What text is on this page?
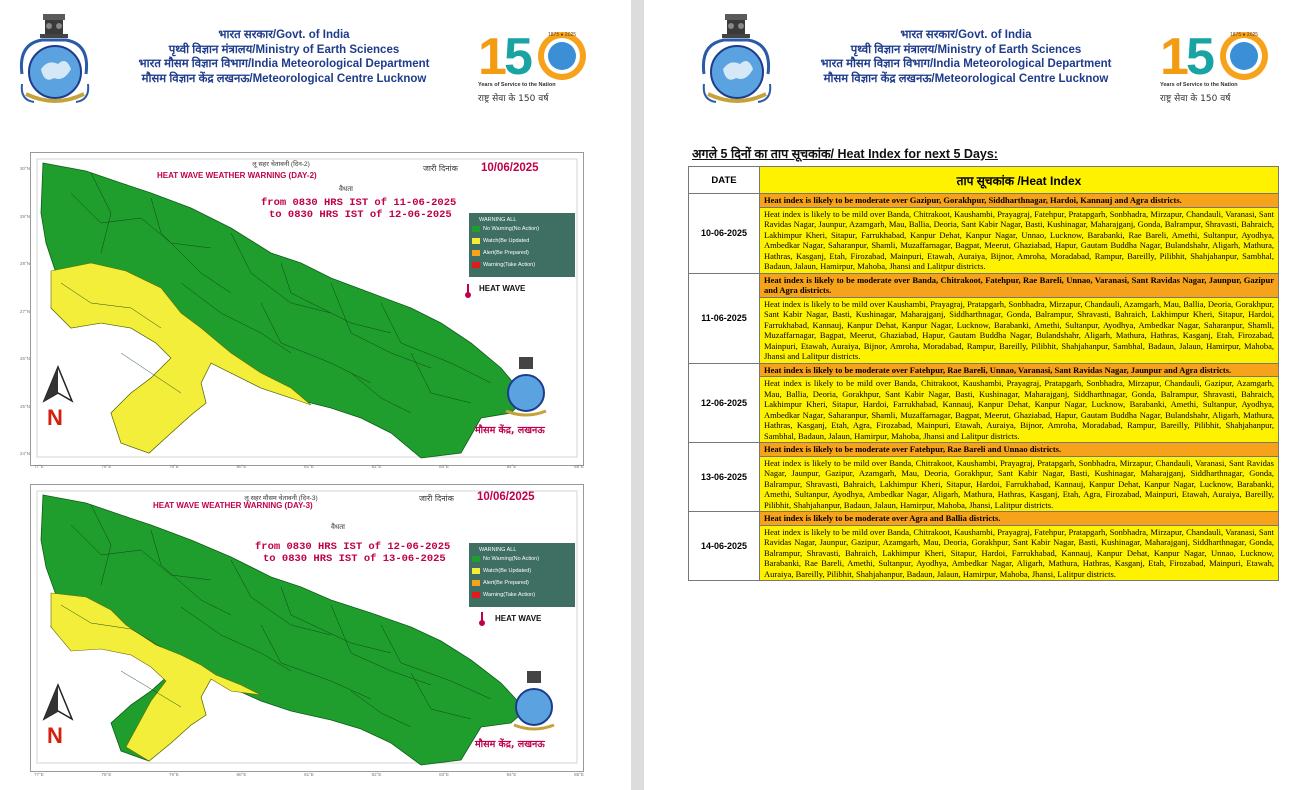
भारत सरकार/Govt. of India
पृथ्वी विज्ञान मंत्रालय/Ministry of Earth Sciences
भारत मौसम विज्ञान विभाग/India Meteorological Department
मौसम विज्ञान केंद्र लखनऊ/Meteorological Centre Lucknow 1
5	1875 ● 2025
Years of Service to the Nation
राष्ट्र सेवा के 150 वर्ष
लू सहर चेतावनी (दिन-2)
HEAT WAVE WEATHER WARNING (DAY-2)
जारी दिनांक 10/06/2025
वैधता
from 0830 HRS IST of 11-06-2025
to 0830 HRS IST of 12-06-2025	WARNING ALL
No Warning(No Action)
Watch(Be Updated
Alert(Be Prepared)
Warning(Take Action)
HEAT WAVE
N
मौसम केंद्र, लखनऊ
77°E	78°E	79°E	80°E	81°E	82°E	83°E	84°E	85°E
30°N
29°N
28°N
27°N
26°N
25°N
24°N
लू सहर मौसम चेतावनी (दिन-3)
HEAT WAVE WEATHER WARNING (DAY-3)
जारी दिनांक 10/06/2025
वैधता
from 0830 HRS IST of 12-06-2025
to 0830 HRS IST of 13-06-2025
WARNING ALL
No Warning(No Action)
Watch(Be Updated)
Alert(Be Prepared)
Warning(Take Action)
HEAT WAVE
N	मौसम केंद्र, लखनऊ
77°E	78°E	79°E	80°E	81°E	82°E	83°E	84°E	85°E
भारत सरकार/Govt. of India
पृथ्वी विज्ञान मंत्रालय/Ministry of Earth Sciences
भारत मौसम विज्ञान विभाग/India Meteorological Department
मौसम विज्ञान केंद्र लखनऊ/Meteorological Centre Lucknow 1
5	1875 ● 2025
Years of Service to the Nation
राष्ट्र सेवा के 150 वर्ष
अगले 5 दिनों का ताप सूचकांक/ Heat Index for next 5 Days:
DATE	ताप सूचकांक /Heat Index
10-06-2025	Heat index is likely to be moderate over Gazipur, Gorakhpur, Siddharthnagar, Hardoi, Kannauj and Agra districts.
	Heat index is likely to be mild over Banda, Chitrakoot, Kaushambi, Prayagraj, Fatehpur, Pratapgarh, Sonbhadra, Mirzapur, Chandauli, Varanasi, Sant Ravidas Nagar, Jaunpur, Azamgarh, Mau, Ballia, Deoria, Sant Kabir Nagar, Basti, Kushinagar, Maharajganj, Gonda, Balrampur, Shravasti, Bahraich, Lakhimpur Kheri, Sitapur, Farrukhabad, Kanpur Dehat, Kanpur Nagar, Unnao, Lucknow, Barabanki, Rae Bareli, Amethi, Sultanpur, Ayodhya, Ambedkar Nagar, Saharanpur, Shamli, Muzaffarnagar, Bagpat, Meerut, Ghaziabad, Hapur, Gautam Buddha Nagar, Bulandshahr, Aligarh, Mathura, Hathras, Kasganj, Etah, Firozabad, Mainpuri, Etawah, Auraiya, Bijnor, Amroha, Moradabad, Rampur, Bareilly, Pilibhit, Shahjahanpur, Sambhal, Badaun, Jalaun, Hamirpur, Mahoba, Jhansi and Lalitpur districts.
11-06-2025	Heat index is likely to be moderate over Banda, Chitrakoot, Fatehpur, Rae Bareli, Unnao, Varanasi, Sant Ravidas Nagar, Jaunpur, Gazipur and Agra districts.
	Heat index is likely to be mild over Kaushambi, Prayagraj, Pratapgarh, Sonbhadra, Mirzapur, Chandauli, Azamgarh, Mau, Ballia, Deoria, Gorakhpur, Sant Kabir Nagar, Basti, Kushinagar, Maharajganj, Siddharthnagar, Gonda, Balrampur, Shravasti, Bahraich, Lakhimpur Kheri, Sitapur, Hardoi, Farrukhabad, Kannauj, Kanpur Dehat, Kanpur Nagar, Lucknow, Barabanki, Amethi, Sultanpur, Ayodhya, Ambedkar Nagar, Saharanpur, Shamli, Muzaffarnagar, Bagpat, Meerut, Ghaziabad, Hapur, Gautam Buddha Nagar, Bulandshahr, Aligarh, Mathura, Hathras, Kasganj, Etah, Firozabad, Mainpuri, Etawah, Auraiya, Bijnor, Amroha, Moradabad, Rampur, Bareilly, Pilibhit, Shahjahanpur, Sambhal, Badaun, Jalaun, Hamirpur, Mahoba, Jhansi and Lalitpur districts.
12-06-2025	Heat index is likely to be moderate over Fatehpur, Rae Bareli, Unnao, Varanasi, Sant Ravidas Nagar, Jaunpur and Agra districts.
	Heat index is likely to be mild over Banda, Chitrakoot, Kaushambi, Prayagraj, Pratapgarh, Sonbhadra, Mirzapur, Chandauli, Gazipur, Azamgarh, Mau, Ballia, Deoria, Gorakhpur, Sant Kabir Nagar, Basti, Kushinagar, Maharajganj, Siddharthnagar, Gonda, Balrampur, Shravasti, Bahraich, Lakhimpur Kheri, Sitapur, Hardoi, Farrukhabad, Kannauj, Kanpur Dehat, Kanpur Nagar, Lucknow, Barabanki, Amethi, Sultanpur, Ayodhya, Ambedkar Nagar, Saharanpur, Shamli, Muzaffarnagar, Bagpat, Meerut, Ghaziabad, Hapur, Gautam Buddha Nagar, Bulandshahr, Aligarh, Mathura, Hathras, Kasganj, Etah, Agra, Firozabad, Mainpuri, Etawah, Auraiya, Bijnor, Amroha, Moradabad, Rampur, Bareilly, Pilibhit, Shahjahanpur, Sambhal, Badaun, Jalaun, Hamirpur, Mahoba, Jhansi and Lalitpur districts.
13-06-2025	Heat index is likely to be moderate over Fatehpur, Rae Bareli and Unnao districts.
	Heat index is likely to be mild over Banda, Chitrakoot, Kaushambi, Prayagraj, Pratapgarh, Sonbhadra, Mirzapur, Chandauli, Varanasi, Sant Ravidas Nagar, Jaunpur, Gazipur, Azamgarh, Mau, Deoria, Gorakhpur, Sant Kabir Nagar, Basti, Kushinagar, Maharajganj, Siddharthnagar, Gonda, Balrampur, Shravasti, Bahraich, Lakhimpur Kheri, Sitapur, Hardoi, Farrukhabad, Kannauj, Kanpur Dehat, Kanpur Nagar, Lucknow, Barabanki, Amethi, Sultanpur, Ayodhya, Ambedkar Nagar, Aligarh, Mathura, Hathras, Kasganj, Etah, Agra, Firozabad, Mainpuri, Etawah, Auraiya, Bareilly, Pilibhit, Shahjahanpur, Badaun, Jalaun, Hamirpur, Mahoba, Jhansi, Lalitpur districts.
14-06-2025	Heat index is likely to be moderate over Agra and Ballia districts.
	Heat index is likely to be mild over Banda, Chitrakoot, Kaushambi, Prayagraj, Fatehpur, Pratapgarh, Sonbhadra, Mirzapur, Chandauli, Varanasi, Sant Ravidas Nagar, Jaunpur, Gazipur, Azamgarh, Mau, Deoria, Gorakhpur, Sant Kabir Nagar, Basti, Kushinagar, Maharajganj, Siddharthnagar, Gonda, Balrampur, Shravasti, Bahraich, Lakhimpur Kheri, Sitapur, Hardoi, Farrukhabad, Kannauj, Kanpur Dehat, Kanpur Nagar, Unnao, Lucknow, Barabanki, Rae Bareli, Amethi, Sultanpur, Ayodhya, Ambedkar Nagar, Aligarh, Mathura, Hathras, Kasganj, Etah, Firozabad, Mainpuri, Etawah, Auraiya, Bareilly, Pilibhit, Shahjahanpur, Badaun, Jalaun, Hamirpur, Mahoba, Jhansi, Lalitpur districts.
